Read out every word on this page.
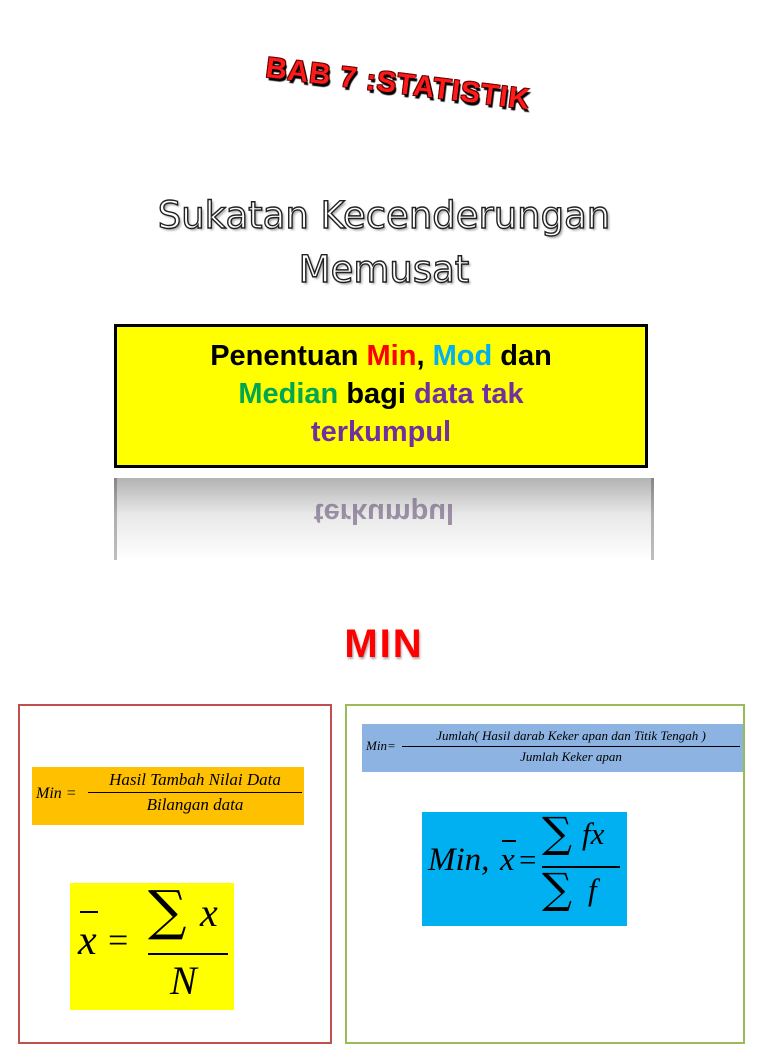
BAB 7 :STATISTIK
Sukatan Kecenderungan
Memusat
Penentuan Min, Mod dan
Median bagi data tak
terkumpul
terkumpul
MIN
Min =
Hasil Tambah Nilai Data
Bilangan data
x = ∑ x
N
Min=
Jumlah( Hasil darab Keker apan dan Titik Tengah )
Jumlah Keker apan
Min, x =
∑ fx
∑ f
